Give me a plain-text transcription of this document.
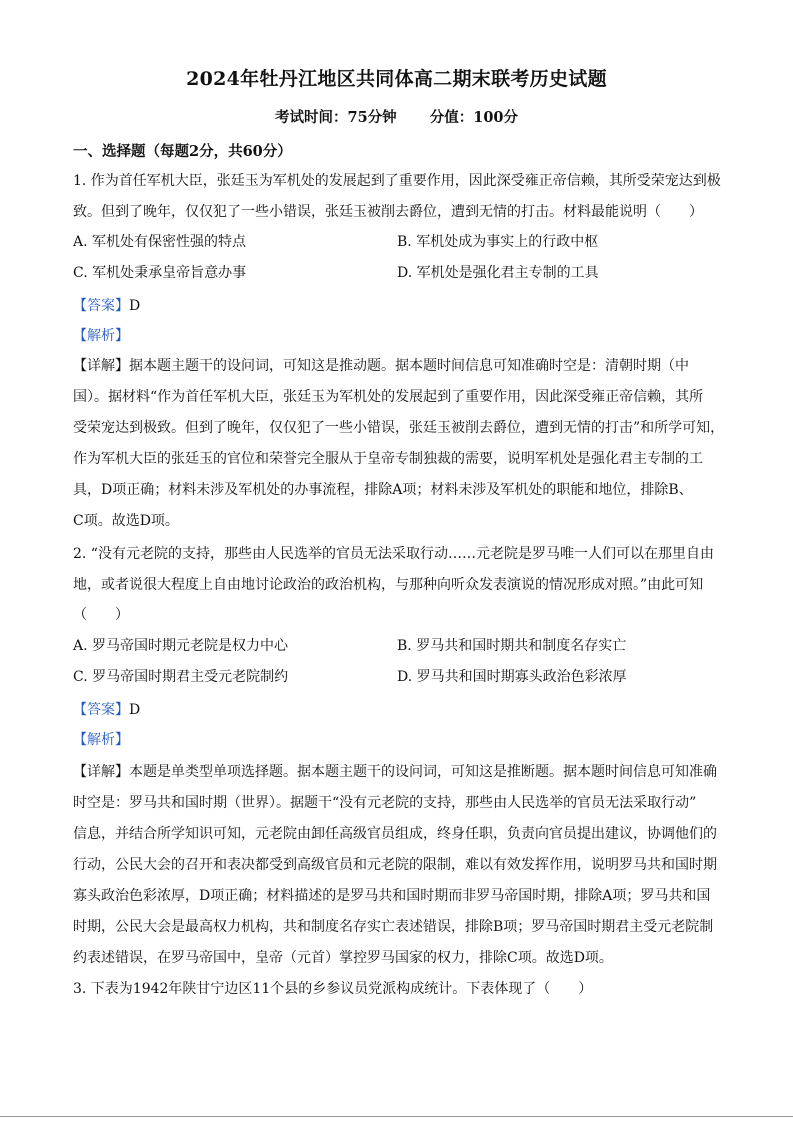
2024年牡丹江地区共同体高二期末联考历史试题
考试时间：75分钟 分值：100分
一、选择题（每题2分，共60分）
1. 作为首任军机大臣，张廷玉为军机处的发展起到了重要作用，因此深受雍正帝信赖，其所受荣宠达到极
致。但到了晚年，仅仅犯了一些小错误，张廷玉被削去爵位，遭到无情的打击。材料最能说明（　　）
A. 军机处有保密性强的特点	B. 军机处成为事实上的行政中枢
C. 军机处秉承皇帝旨意办事	D. 军机处是强化君主专制的工具
【答案】D
【解析】
【详解】据本题主题干的设问词，可知这是推动题。据本题时间信息可知准确时空是：清朝时期（中
国）。据材料“作为首任军机大臣，张廷玉为军机处的发展起到了重要作用，因此深受雍正帝信赖，其所
受荣宠达到极致。但到了晚年，仅仅犯了一些小错误，张廷玉被削去爵位，遭到无情的打击”和所学可知，
作为军机大臣的张廷玉的官位和荣誉完全服从于皇帝专制独裁的需要，说明军机处是强化君主专制的工
具，D项正确；材料未涉及军机处的办事流程，排除A项；材料未涉及军机处的职能和地位，排除B、
C项。故选D项。
2. “没有元老院的支持，那些由人民选举的官员无法采取行动……元老院是罗马唯一人们可以在那里自由
地，或者说很大程度上自由地讨论政治的政治机构，与那种向听众发表演说的情况形成对照。”由此可知
（　　）
A. 罗马帝国时期元老院是权力中心	B. 罗马共和国时期共和制度名存实亡
C. 罗马帝国时期君主受元老院制约	D. 罗马共和国时期寡头政治色彩浓厚
【答案】D
【解析】
【详解】本题是单类型单项选择题。据本题主题干的设问词，可知这是推断题。据本题时间信息可知准确
时空是：罗马共和国时期（世界）。据题干“没有元老院的支持，那些由人民选举的官员无法采取行动”
信息，并结合所学知识可知，元老院由卸任高级官员组成，终身任职，负责向官员提出建议，协调他们的
行动，公民大会的召开和表决都受到高级官员和元老院的限制，难以有效发挥作用，说明罗马共和国时期
寡头政治色彩浓厚，D项正确；材料描述的是罗马共和国时期而非罗马帝国时期，排除A项；罗马共和国
时期，公民大会是最高权力机构，共和制度名存实亡表述错误，排除B项；罗马帝国时期君主受元老院制
约表述错误，在罗马帝国中，皇帝（元首）掌控罗马国家的权力，排除C项。故选D项。
3. 下表为1942年陕甘宁边区11个县的乡参议员党派构成统计。下表体现了（　　）
